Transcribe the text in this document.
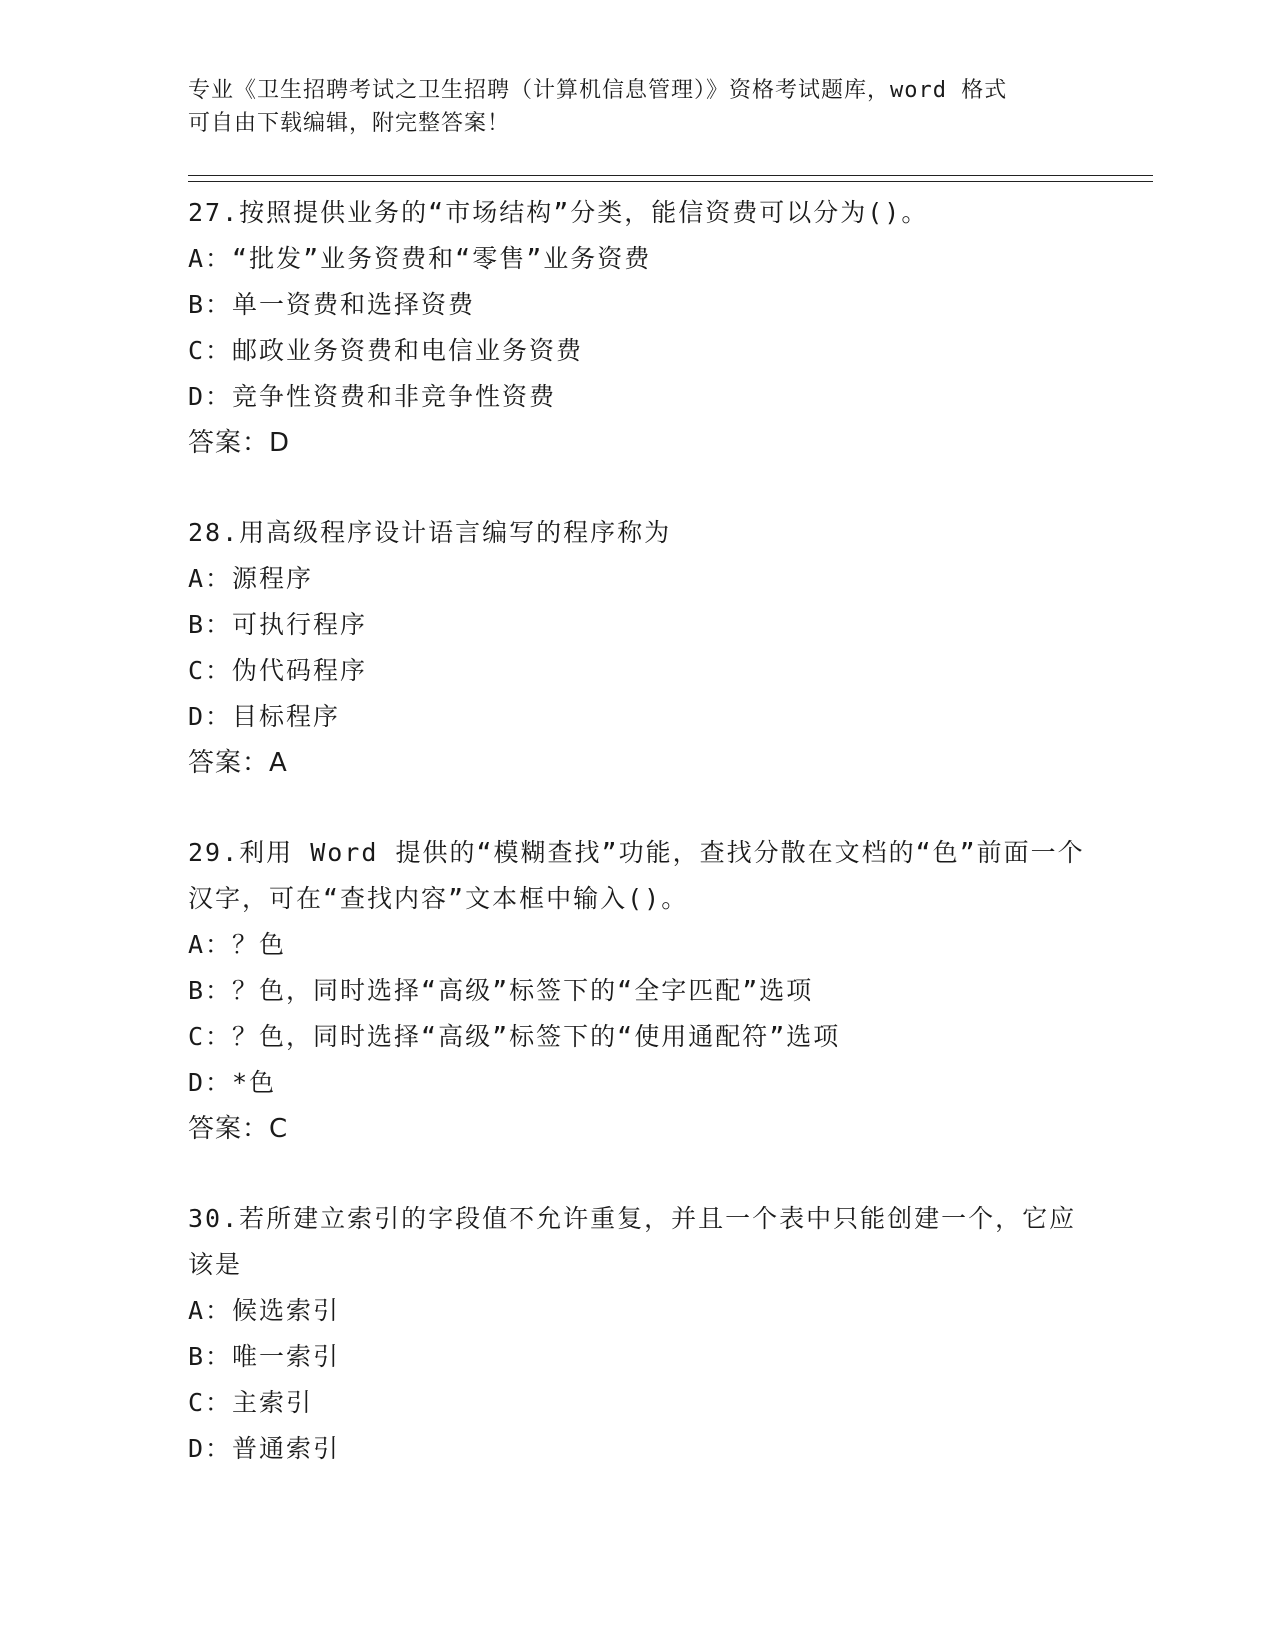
专业《卫生招聘考试之卫生招聘（计算机信息管理）》资格考试题库，word 格式
可自由下载编辑，附完整答案！
27.按照提供业务的“市场结构”分类，能信资费可以分为()。
A：“批发”业务资费和“零售”业务资费
B：单一资费和选择资费
C：邮政业务资费和电信业务资费
D：竞争性资费和非竞争性资费
答案：D
28.用高级程序设计语言编写的程序称为
A：源程序
B：可执行程序
C：伪代码程序
D：目标程序
答案：A
29.利用 Word 提供的“模糊查找”功能，查找分散在文档的“色”前面一个汉字，可在“查找内容”文本框中输入()。
A：？色
B：？色，同时选择“高级”标签下的“全字匹配”选项
C：？色，同时选择“高级”标签下的“使用通配符”选项
D：*色
答案：C
30.若所建立索引的字段值不允许重复，并且一个表中只能创建一个，它应该是
A：候选索引
B：唯一索引
C：主索引
D：普通索引
